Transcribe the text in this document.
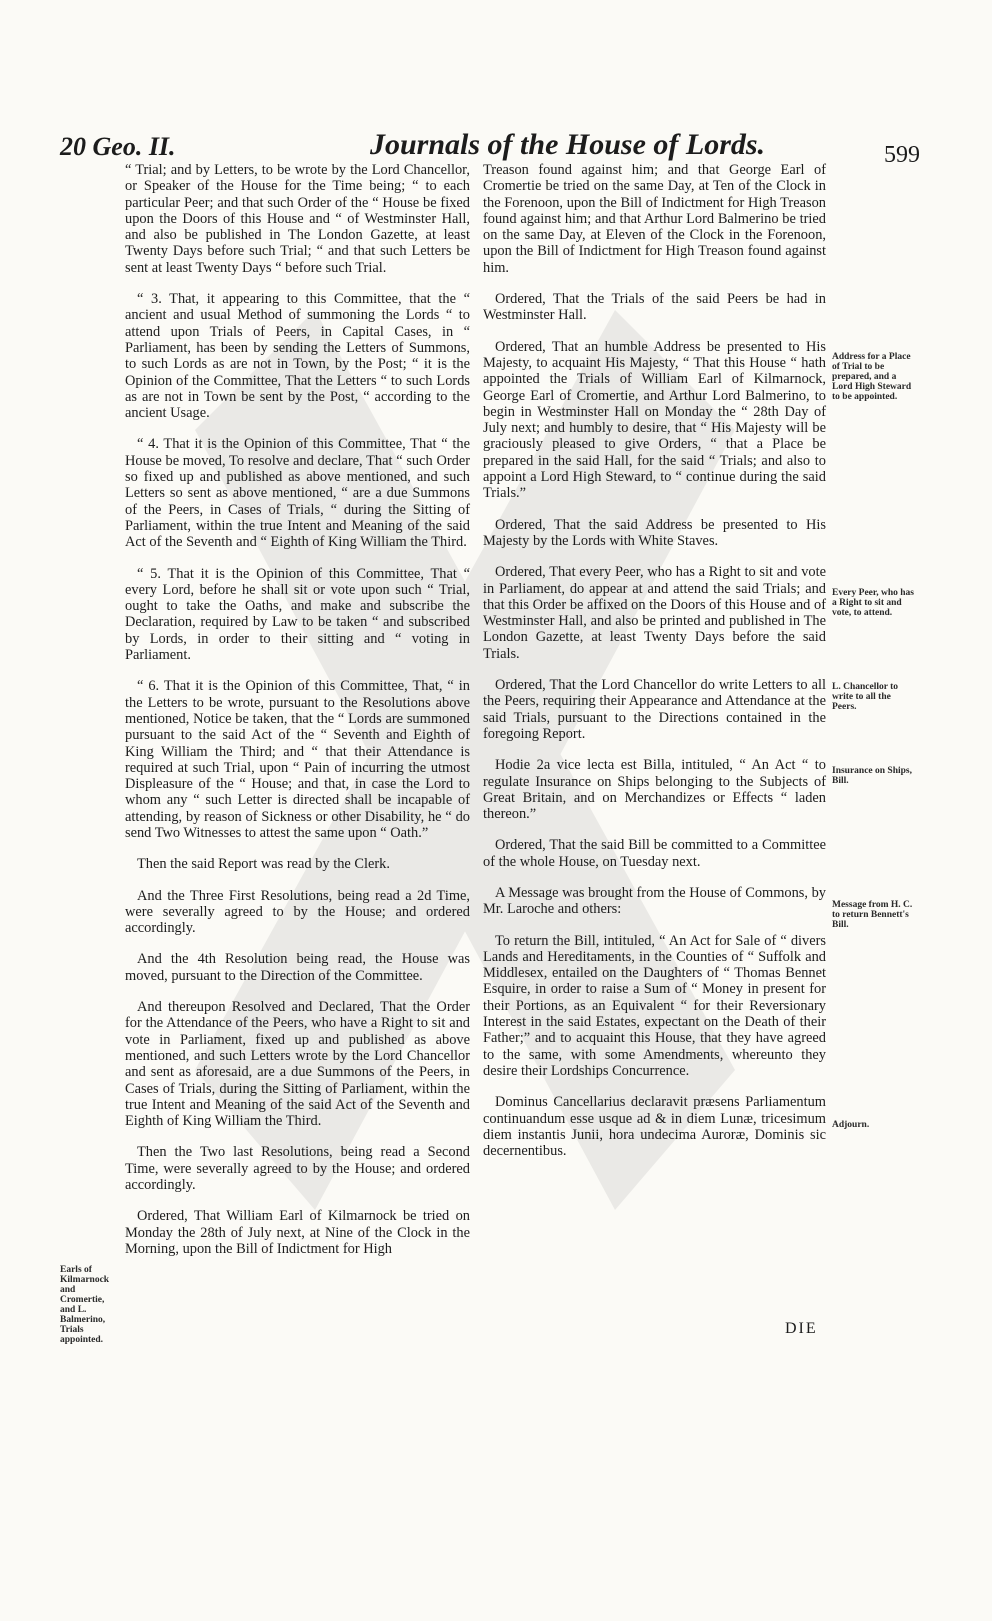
20 Geo. II.	Journals of the House of Lords.	599

“ Trial; and by Letters, to be wrote by the Lord Chancellor, or Speaker of the House for the Time being; “ to each particular Peer; and that such Order of the “ House be fixed upon the Doors of this House and “ of Westminster Hall, and also be published in The London Gazette, at least Twenty Days before such Trial; “ and that such Letters be sent at least Twenty Days “ before such Trial.

“ 3. That, it appearing to this Committee, that the “ ancient and usual Method of summoning the Lords “ to attend upon Trials of Peers, in Capital Cases, in “ Parliament, has been by sending the Letters of Summons, to such Lords as are not in Town, by the Post; “ it is the Opinion of the Committee, That the Letters “ to such Lords as are not in Town be sent by the Post, “ according to the ancient Usage.

“ 4. That it is the Opinion of this Committee, That “ the House be moved, To resolve and declare, That “ such Order so fixed up and published as above mentioned, and such Letters so sent as above mentioned, “ are a due Summons of the Peers, in Cases of Trials, “ during the Sitting of Parliament, within the true Intent and Meaning of the said Act of the Seventh and “ Eighth of King William the Third.

“ 5. That it is the Opinion of this Committee, That “ every Lord, before he shall sit or vote upon such “ Trial, ought to take the Oaths, and make and subscribe the Declaration, required by Law to be taken “ and subscribed by Lords, in order to their sitting and “ voting in Parliament.

“ 6. That it is the Opinion of this Committee, That, “ in the Letters to be wrote, pursuant to the Resolutions above mentioned, Notice be taken, that the “ Lords are summoned pursuant to the said Act of the “ Seventh and Eighth of King William the Third; and “ that their Attendance is required at such Trial, upon “ Pain of incurring the utmost Displeasure of the “ House; and that, in case the Lord to whom any “ such Letter is directed shall be incapable of attending, by reason of Sickness or other Disability, he “ do send Two Witnesses to attest the same upon “ Oath.”

Then the said Report was read by the Clerk.

And the Three First Resolutions, being read a 2d Time, were severally agreed to by the House; and ordered accordingly.

And the 4th Resolution being read, the House was moved, pursuant to the Direction of the Committee.

And thereupon Resolved and Declared, That the Order for the Attendance of the Peers, who have a Right to sit and vote in Parliament, fixed up and published as above mentioned, and such Letters wrote by the Lord Chancellor and sent as aforesaid, are a due Summons of the Peers, in Cases of Trials, during the Sitting of Parliament, within the true Intent and Meaning of the said Act of the Seventh and Eighth of King William the Third.

Then the Two last Resolutions, being read a Second Time, were severally agreed to by the House; and ordered accordingly.

Ordered, That William Earl of Kilmarnock be tried on Monday the 28th of July next, at Nine of the Clock in the Morning, upon the Bill of Indictment for High

Treason found against him; and that George Earl of Cromertie be tried on the same Day, at Ten of the Clock in the Forenoon, upon the Bill of Indictment for High Treason found against him; and that Arthur Lord Balmerino be tried on the same Day, at Eleven of the Clock in the Forenoon, upon the Bill of Indictment for High Treason found against him.

Ordered, That the Trials of the said Peers be had in Westminster Hall.

Ordered, That an humble Address be presented to His Majesty, to acquaint His Majesty, “ That this House “ hath appointed the Trials of William Earl of Kilmarnock, George Earl of Cromertie, and Arthur Lord Balmerino, to begin in Westminster Hall on Monday the “ 28th Day of July next; and humbly to desire, that “ His Majesty will be graciously pleased to give Orders, “ that a Place be prepared in the said Hall, for the said “ Trials; and also to appoint a Lord High Steward, to “ continue during the said Trials.”

Ordered, That the said Address be presented to His Majesty by the Lords with White Staves.

Ordered, That every Peer, who has a Right to sit and vote in Parliament, do appear at and attend the said Trials; and that this Order be affixed on the Doors of this House and of Westminster Hall, and also be printed and published in The London Gazette, at least Twenty Days before the said Trials.

Ordered, That the Lord Chancellor do write Letters to all the Peers, requiring their Appearance and Attendance at the said Trials, pursuant to the Directions contained in the foregoing Report.

Hodie 2a vice lecta est Billa, intituled, “ An Act “ to regulate Insurance on Ships belonging to the Subjects of Great Britain, and on Merchandizes or Effects “ laden thereon.”

Ordered, That the said Bill be committed to a Committee of the whole House, on Tuesday next.

A Message was brought from the House of Commons, by Mr. Laroche and others:

To return the Bill, intituled, “ An Act for Sale of “ divers Lands and Hereditaments, in the Counties of “ Suffolk and Middlesex, entailed on the Daughters of “ Thomas Bennet Esquire, in order to raise a Sum of “ Money in present for their Portions, as an Equivalent “ for their Reversionary Interest in the said Estates, expectant on the Death of their Father;” and to acquaint this House, that they have agreed to the same, with some Amendments, whereunto they desire their Lordships Concurrence.

Dominus Cancellarius declaravit præsens Parliamentum continuandum esse usque ad & in diem Lunæ, tricesimum diem instantis Junii, hora undecima Auroræ, Dominis sic decernentibus.

Earls of Kilmarnock and Cromertie, and L. Balmerino, Trials appointed.
Address for a Place of Trial to be prepared, and a Lord High Steward to be appointed.
Every Peer, who has a Right to sit and vote, to attend.
L. Chancellor to write to all the Peers.
Insurance on Ships, Bill.
Message from H. C. to return Bennett's Bill.
Adjourn.
DIE
